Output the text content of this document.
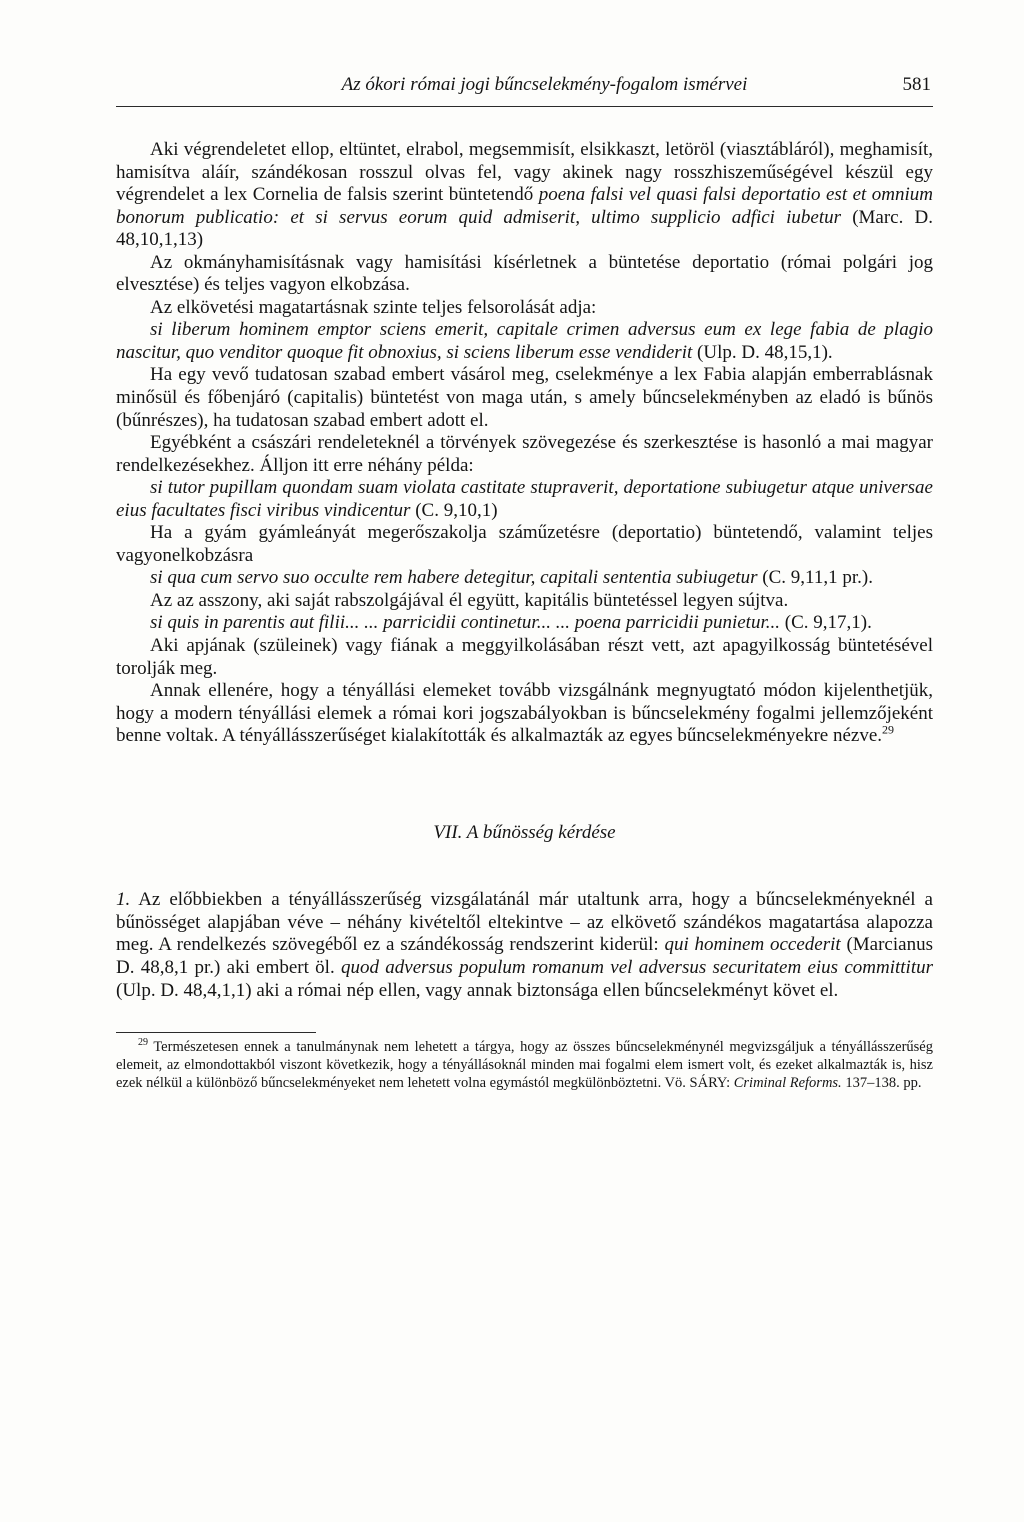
Az ókori római jogi bűncselekmény-fogalom ismérvei	581

Aki végrendeletet ellop, eltüntet, elrabol, megsemmisít, elsikkaszt, letöröl (viasztábláról), meghamisít, hamisítva aláír, szándékosan rosszul olvas fel, vagy akinek nagy rosszhiszeműségével készül egy végrendelet a lex Cornelia de falsis szerint büntetendő poena falsi vel quasi falsi deportatio est et omnium bonorum publicatio: et si servus eorum quid admiserit, ultimo supplicio adfici iubetur (Marc. D. 48,10,1,13)

Az okmányhamisításnak vagy hamisítási kísérletnek a büntetése deportatio (római polgári jog elvesztése) és teljes vagyon elkobzása.

Az elkövetési magatartásnak szinte teljes felsorolását adja:

si liberum hominem emptor sciens emerit, capitale crimen adversus eum ex lege fabia de plagio nascitur, quo venditor quoque fit obnoxius, si sciens liberum esse vendiderit (Ulp. D. 48,15,1).

Ha egy vevő tudatosan szabad embert vásárol meg, cselekménye a lex Fabia alapján emberrablásnak minősül és főbenjáró (capitalis) büntetést von maga után, s amely bűncselekményben az eladó is bűnös (bűnrészes), ha tudatosan szabad embert adott el.

Egyébként a császári rendeleteknél a törvények szövegezése és szerkesztése is hasonló a mai magyar rendelkezésekhez. Álljon itt erre néhány példa:

si tutor pupillam quondam suam violata castitate stupraverit, deportatione subiugetur atque universae eius facultates fisci viribus vindicentur (C. 9,10,1)

Ha a gyám gyámleányát megerőszakolja száműzetésre (deportatio) büntetendő, valamint teljes vagyonelkobzásra

si qua cum servo suo occulte rem habere detegitur, capitali sententia subiugetur (C. 9,11,1 pr.).

Az az asszony, aki saját rabszolgájával él együtt, kapitális büntetéssel legyen sújtva.

si quis in parentis aut filii... ... parricidii continetur... ... poena parricidii punietur... (C. 9,17,1).

Aki apjának (szüleinek) vagy fiának a meggyilkolásában részt vett, azt apagyilkosság büntetésével torolják meg.

Annak ellenére, hogy a tényállási elemeket tovább vizsgálnánk megnyugtató módon kijelenthetjük, hogy a modern tényállási elemek a római kori jogszabályokban is bűncselekmény fogalmi jellemzőjeként benne voltak. A tényállásszerűséget kialakították és alkalmazták az egyes bűncselekményekre nézve.$^{29}$

VII. A bűnösség kérdése

1. Az előbbiekben a tényállásszerűség vizsgálatánál már utaltunk arra, hogy a bűncselekményeknél a bűnösséget alapjában véve – néhány kivételtől eltekintve – az elkövető szándékos magatartása alapozza meg. A rendelkezés szövegéből ez a szándékosság rendszerint kiderül: qui hominem occederit (Marcianus D. 48,8,1 pr.) aki embert öl. quod adversus populum romanum vel adversus securitatem eius committitur (Ulp. D. 48,4,1,1) aki a római nép ellen, vagy annak biztonsága ellen bűncselekményt követ el.

$^{29}$ Természetesen ennek a tanulmánynak nem lehetett a tárgya, hogy az összes bűncselekménynél megvizsgáljuk a tényállásszerűség elemeit, az elmondottakból viszont következik, hogy a tényállásoknál minden mai fogalmi elem ismert volt, és ezeket alkalmazták is, hisz ezek nélkül a különböző bűncselekményeket nem lehetett volna egymástól megkülönböztetni. Vö. SÁRY: Criminal Reforms. 137–138. pp.
